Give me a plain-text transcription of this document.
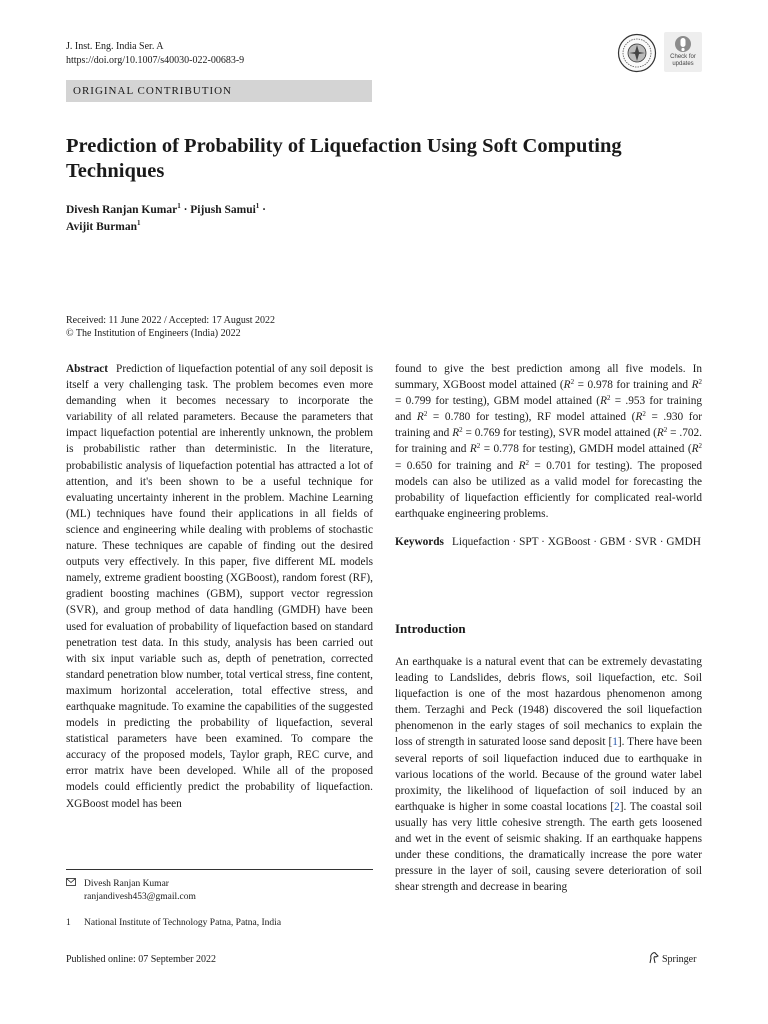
J. Inst. Eng. India Ser. A
https://doi.org/10.1007/s40030-022-00683-9	Check for
updates
ORIGINAL CONTRIBUTION
Prediction of Probability of Liquefaction Using Soft Computing Techniques
Divesh Ranjan Kumar$^1$ · Pijush Samui$^1$ ·
Avijit Burman$^1$
Received: 11 June 2022 / Accepted: 17 August 2022
© The Institution of Engineers (India) 2022

Abstract Prediction of liquefaction potential of any soil deposit is itself a very challenging task. The problem becomes even more demanding when it becomes necessary to incorporate the variability of all related parameters. Because the parameters that impact liquefaction potential are inherently unknown, the problem is probabilistic rather than deterministic. In the literature, probabilistic analysis of liquefaction potential has attracted a lot of attention, and it's been shown to be a useful technique for evaluating uncertainty inherent in the problem. Machine Learning (ML) techniques have found their applications in all fields of science and engineering while dealing with problems of stochastic nature. These techniques are capable of finding out the desired outputs very effectively. In this paper, five different ML models namely, extreme gradient boosting (XGBoost), random forest (RF), gradient boosting machines (GBM), support vector regression (SVR), and group method of data handling (GMDH) have been used for evaluation of probability of liquefaction based on standard penetration test data. In this study, analysis has been carried out with six input variable such as, depth of penetration, corrected standard penetration blow number, total vertical stress, fine content, maximum horizontal acceleration, total effective stress, and earthquake magnitude. To examine the capabilities of the suggested models in predicting the probability of liquefaction, several statistical parameters have been examined. To compare the accuracy of the proposed models, Taylor graph, REC curve, and error matrix have been developed. While all of the proposed models could efficiently predict the probability of liquefaction. XGBoost model has been

found to give the best prediction among all five models. In summary, XGBoost model attained ($R^2 = 0.978$ for training and $R^2 = 0.799$ for testing), GBM model attained ($R^2 = .953$ for training and $R^2 = 0.780$ for testing), RF model attained ($R^2 = .930$ for training and $R^2 = 0.769$ for testing), SVR model attained ($R^2 = .702$. for training and $R^2 = 0.778$ for testing), GMDH model attained ($R^2 = 0.650$ for training and $R^2 = 0.701$ for testing). The proposed models can also be utilized as a valid model for forecasting the probability of liquefaction efficiently for complicated real-world earthquake engineering problems.

Keywords Liquefaction · SPT · XGBoost · GBM · SVR · GMDH

Introduction

An earthquake is a natural event that can be extremely devastating leading to Landslides, debris flows, soil liquefaction, etc. Soil liquefaction is one of the most hazardous phenomenon among them. Terzaghi and Peck (1948) discovered the soil liquefaction phenomenon in the early stages of soil mechanics to explain the loss of strength in saturated loose sand deposit [1]. There have been several reports of soil liquefaction induced due to earthquake in various locations of the world. Because of the ground water label proximity, the likelihood of liquefaction of soil induced by an earthquake is higher in some coastal locations [2]. The coastal soil usually has very little cohesive strength. The earth gets loosened and wet in the event of seismic shaking. If an earthquake happens under these conditions, the dramatically increase the pore water pressure in the layer of soil, causing severe deterioration of soil shear strength and decrease in bearing

Divesh Ranjan Kumar
ranjandivesh453@gmail.com
1 National Institute of Technology Patna, Patna, India
Published online: 07 September 2022	Springer
